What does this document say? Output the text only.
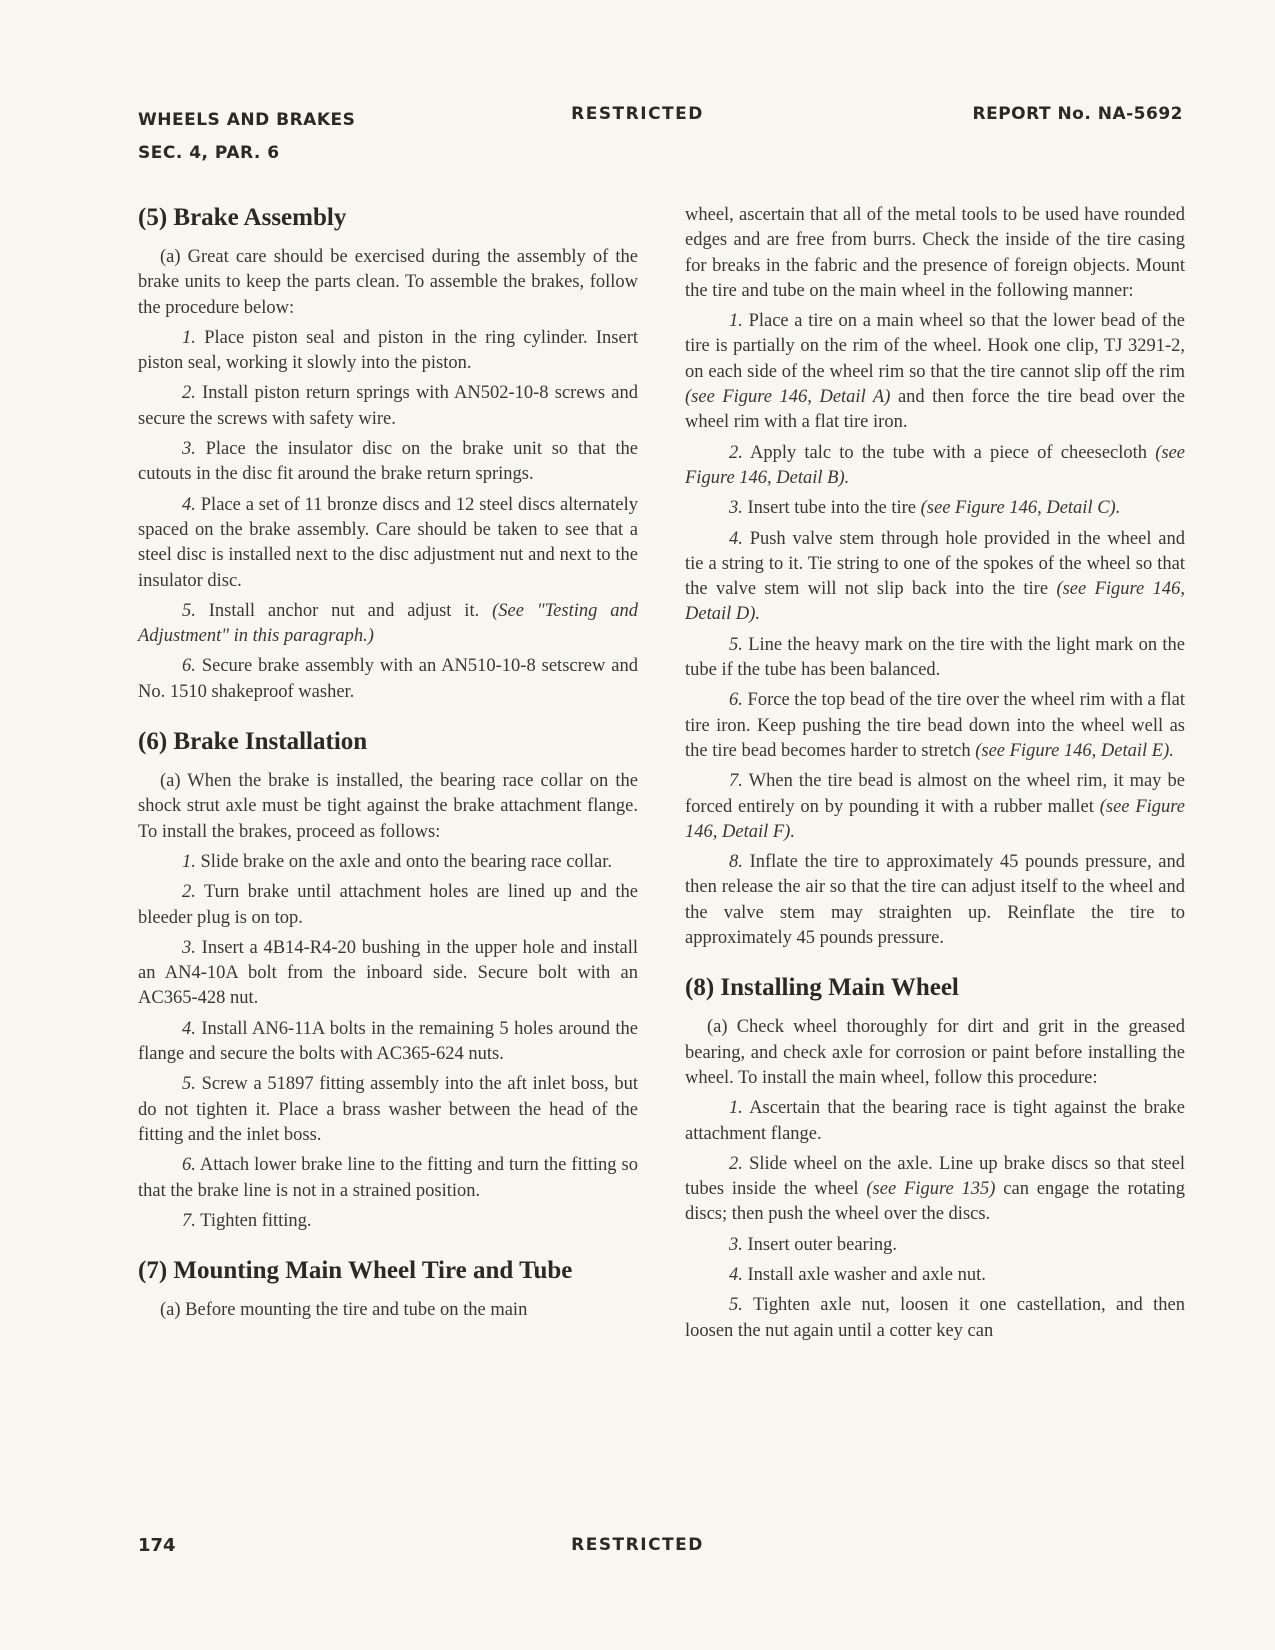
WHEELS AND BRAKES
SEC. 4, PAR. 6
RESTRICTED	REPORT No. NA-5692
(5) Brake Assembly

(a) Great care should be exercised during the assembly of the brake units to keep the parts clean. To assemble the brakes, follow the procedure below:

1. Place piston seal and piston in the ring cylinder. Insert piston seal, working it slowly into the piston.

2. Install piston return springs with AN502-10-8 screws and secure the screws with safety wire.

3. Place the insulator disc on the brake unit so that the cutouts in the disc fit around the brake return springs.

4. Place a set of 11 bronze discs and 12 steel discs alternately spaced on the brake assembly. Care should be taken to see that a steel disc is installed next to the disc adjustment nut and next to the insulator disc.

5. Install anchor nut and adjust it. (See "Testing and Adjustment" in this paragraph.)

6. Secure brake assembly with an AN510-10-8 setscrew and No. 1510 shakeproof washer.

(6) Brake Installation

(a) When the brake is installed, the bearing race collar on the shock strut axle must be tight against the brake attachment flange. To install the brakes, proceed as follows:

1. Slide brake on the axle and onto the bearing race collar.

2. Turn brake until attachment holes are lined up and the bleeder plug is on top.

3. Insert a 4B14-R4-20 bushing in the upper hole and install an AN4-10A bolt from the inboard side. Secure bolt with an AC365-428 nut.

4. Install AN6-11A bolts in the remaining 5 holes around the flange and secure the bolts with AC365-624 nuts.

5. Screw a 51897 fitting assembly into the aft inlet boss, but do not tighten it. Place a brass washer between the head of the fitting and the inlet boss.

6. Attach lower brake line to the fitting and turn the fitting so that the brake line is not in a strained position.

7. Tighten fitting.

(7) Mounting Main Wheel Tire and Tube

(a) Before mounting the tire and tube on the main

wheel, ascertain that all of the metal tools to be used have rounded edges and are free from burrs. Check the inside of the tire casing for breaks in the fabric and the presence of foreign objects. Mount the tire and tube on the main wheel in the following manner:

1. Place a tire on a main wheel so that the lower bead of the tire is partially on the rim of the wheel. Hook one clip, TJ 3291-2, on each side of the wheel rim so that the tire cannot slip off the rim (see Figure 146, Detail A) and then force the tire bead over the wheel rim with a flat tire iron.

2. Apply talc to the tube with a piece of cheesecloth (see Figure 146, Detail B).

3. Insert tube into the tire (see Figure 146, Detail C).

4. Push valve stem through hole provided in the wheel and tie a string to it. Tie string to one of the spokes of the wheel so that the valve stem will not slip back into the tire (see Figure 146, Detail D).

5. Line the heavy mark on the tire with the light mark on the tube if the tube has been balanced.

6. Force the top bead of the tire over the wheel rim with a flat tire iron. Keep pushing the tire bead down into the wheel well as the tire bead becomes harder to stretch (see Figure 146, Detail E).

7. When the tire bead is almost on the wheel rim, it may be forced entirely on by pounding it with a rubber mallet (see Figure 146, Detail F).

8. Inflate the tire to approximately 45 pounds pressure, and then release the air so that the tire can adjust itself to the wheel and the valve stem may straighten up. Reinflate the tire to approximately 45 pounds pressure.

(8) Installing Main Wheel

(a) Check wheel thoroughly for dirt and grit in the greased bearing, and check axle for corrosion or paint before installing the wheel. To install the main wheel, follow this procedure:

1. Ascertain that the bearing race is tight against the brake attachment flange.

2. Slide wheel on the axle. Line up brake discs so that steel tubes inside the wheel (see Figure 135) can engage the rotating discs; then push the wheel over the discs.

3. Insert outer bearing.

4. Install axle washer and axle nut.

5. Tighten axle nut, loosen it one castellation, and then loosen the nut again until a cotter key can

174	RESTRICTED
